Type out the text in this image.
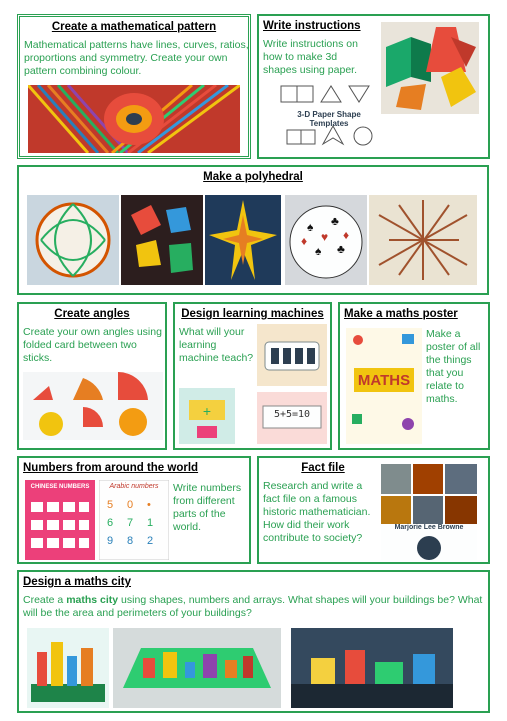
Create a mathematical pattern
Mathematical patterns have lines, curves, ratios, proportions and symmetry. Create your own pattern combining colour.
Write instructions
Write instructions on how to make 3d shapes using paper.
3-D Paper Shape Templates
Make a polyhedral
♠ ♣
♠ ♣
♥ ♦
♦
Create angles
Create your own angles using folded card between two sticks.
Design learning machines
What will your learning machine teach?
+	5+5=10
Make a maths poster
MATHS
Make a poster of all the things that you relate to maths.
Numbers from around the world
CHINESE NUMBERS
5 0 •
6 7 1
9 8 2
Arabic numbers	Write numbers from different parts of the world.
Fact file
Research and write a fact file on a famous historic mathematician. How did their work contribute to society?
Marjorie Lee Browne
Design a maths city
Create a maths city using shapes, numbers and arrays. What shapes will your buildings be? What will be the area and perimeters of your buildings?
